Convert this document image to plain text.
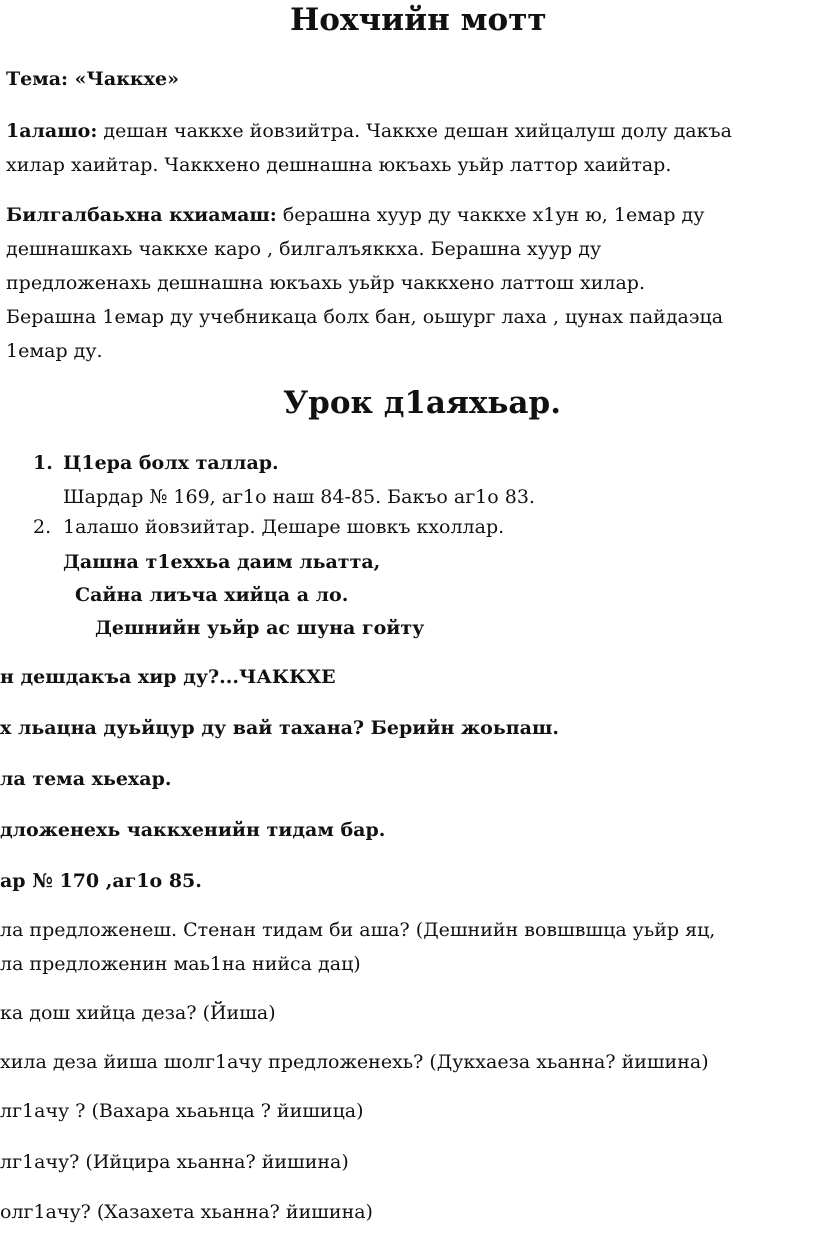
Нохчийн мотт
Тема: «Чаккхе»
1алашо: дешан чаккхе йовзийтра. Чаккхе дешан хийцалуш долу дакъа
хилар хаийтар. Чаккхено дешнашна юкъахь уьйр латтор хаийтар.
Билгалбаьхна кхиамаш: берашна хуур ду чаккхе х1ун ю, 1емар ду
дешнашкахь чаккхе каро , билгалъяккха. Берашна хуур ду
предложенахь дешнашна юкъахь уьйр чаккхено латтош хилар.
Берашна 1емар ду учебникаца болх бан, оьшург лаха , цунах пайдаэца
1емар ду.
Урок д1аяхьар.
1. Ц1ера болх таллар.
Шардар № 169, аг1о наш 84-85. Бакъо аг1о 83.
2. 1алашо йовзийтар. Дешаре шовкъ кхоллар.
Дашна т1еххьа даим льатта,
Сайна лиъча хийца а ло.
Дешнийн уьйр ас шуна гойту
н дешдакъа хир ду?...ЧАККХЕ
х льацна дуьйцур ду вай тахана? Берийн жоьпаш.
ла тема хьехар.
дложенехь чаккхенийн тидам бар.
ар № 170 ,аг1о 85.
ла предложенеш. Стенан тидам би аша? (Дешнийн вовшвшца уьйр яц,
ла предложенин маь1на нийса дац)
ка дош хийца деза? (Йиша)
хила деза йиша шолг1ачу предложенехь? (Дукхаеза хьанна? йишина)
лг1ачу ? (Вахара хьаьнца ? йишица)
лг1ачу? (Ийцира хьанна? йишина)
олг1ачу? (Хазахета хьанна? йишина)
